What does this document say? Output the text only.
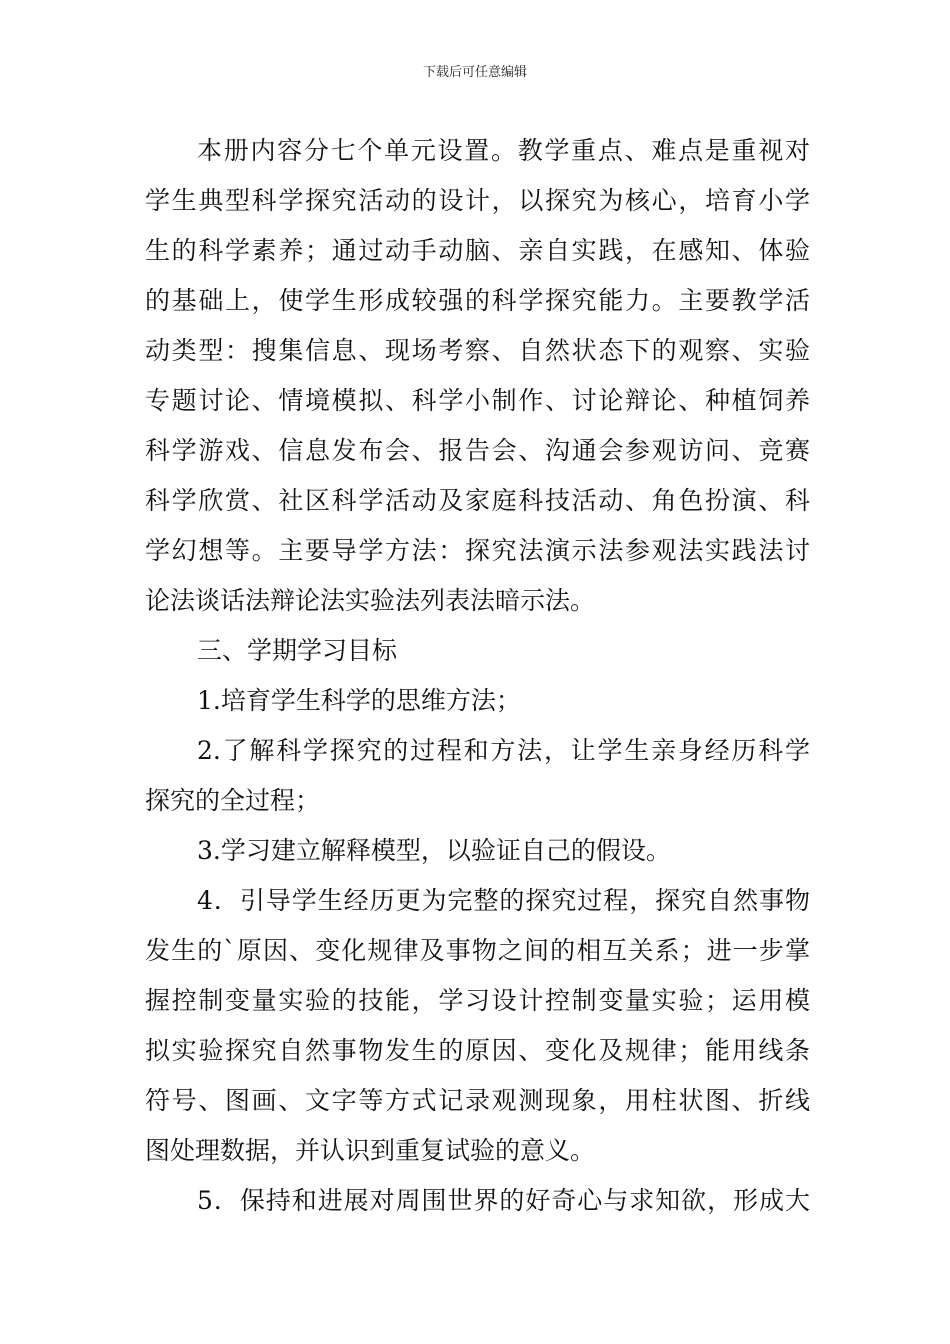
下载后可任意编辑
本册内容分七个单元设置。教学重点、难点是重视对
学生典型科学探究活动的设计，以探究为核心，培育小学
生的科学素养；通过动手动脑、亲自实践，在感知、体验
的基础上，使学生形成较强的科学探究能力。主要教学活
动类型：搜集信息、现场考察、自然状态下的观察、实验
专题讨论、情境模拟、科学小制作、讨论辩论、种植饲养
科学游戏、信息发布会、报告会、沟通会参观访问、竞赛
科学欣赏、社区科学活动及家庭科技活动、角色扮演、科
学幻想等。主要导学方法：探究法演示法参观法实践法讨
论法谈话法辩论法实验法列表法暗示法。
三、学期学习目标
1.培育学生科学的思维方法；
2.了解科学探究的过程和方法，让学生亲身经历科学
探究的全过程；
3.学习建立解释模型，以验证自己的假设。
4．引导学生经历更为完整的探究过程，探究自然事物
发生的`原因、变化规律及事物之间的相互关系；进一步掌
握控制变量实验的技能，学习设计控制变量实验；运用模
拟实验探究自然事物发生的原因、变化及规律；能用线条
符号、图画、文字等方式记录观测现象，用柱状图、折线
图处理数据，并认识到重复试验的意义。
5．保持和进展对周围世界的好奇心与求知欲，形成大
